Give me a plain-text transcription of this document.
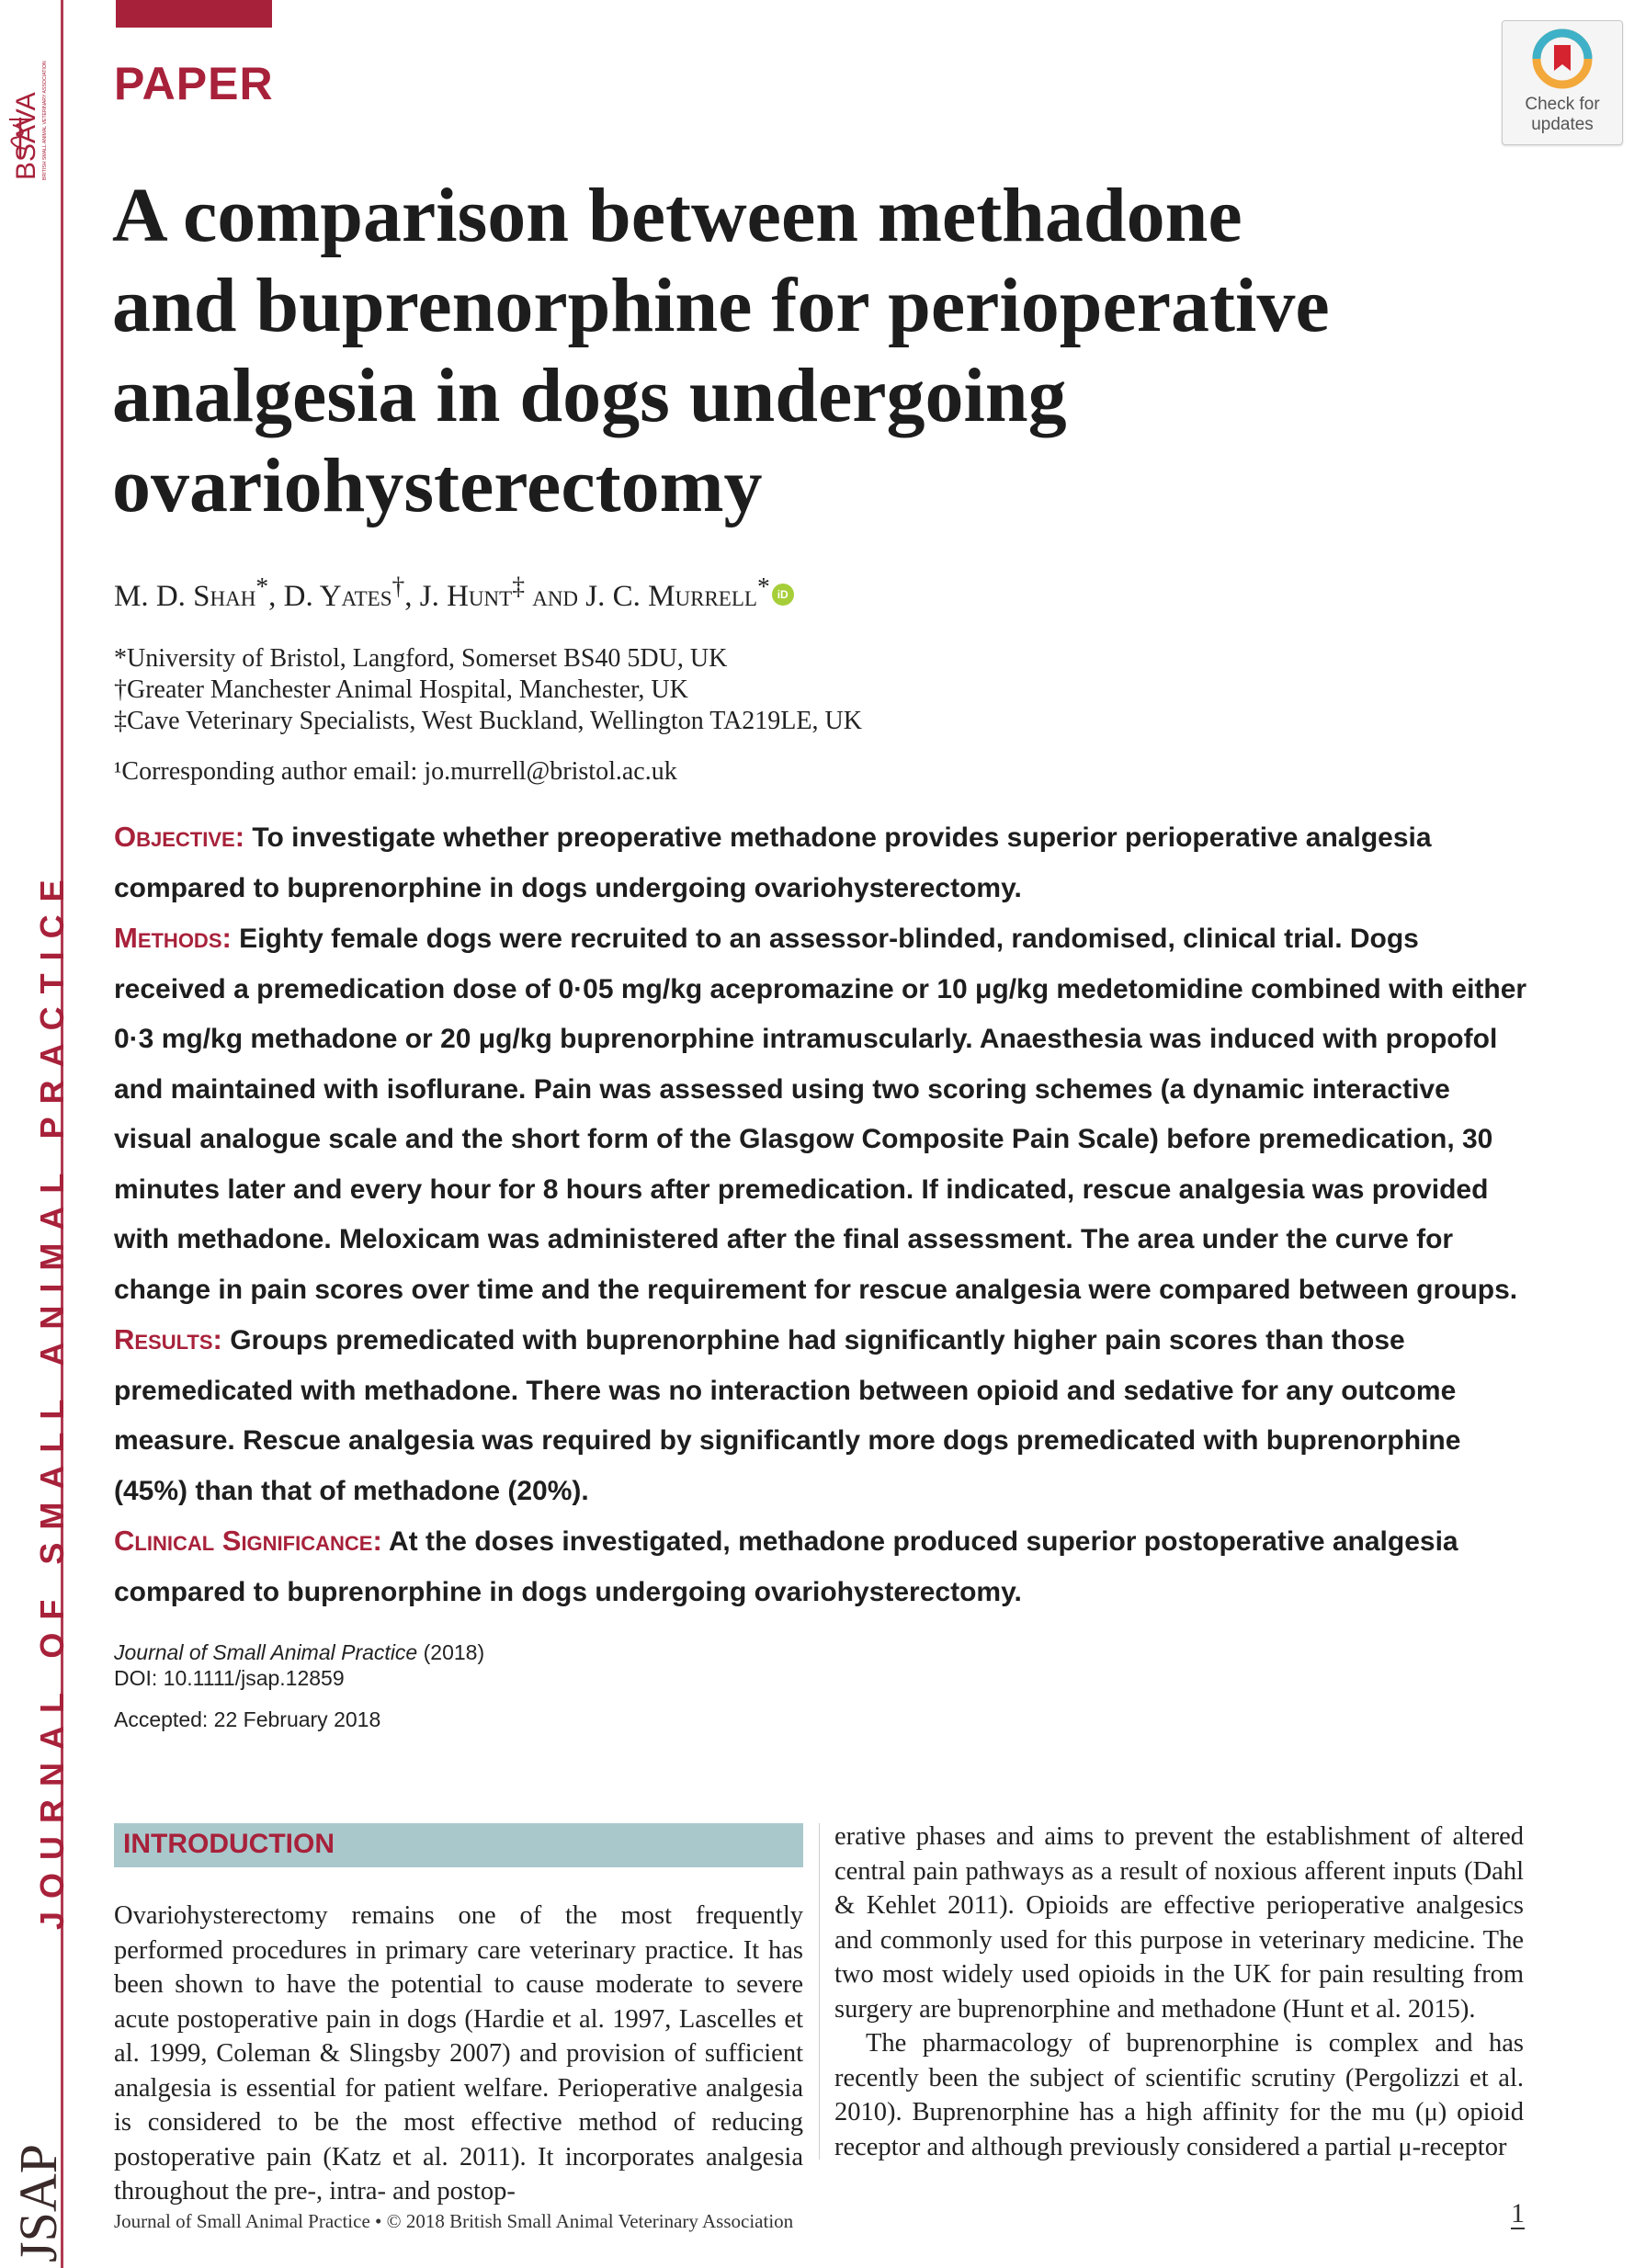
BSAVA BRITISH SMALL ANIMAL VETERINARY ASSOCIATION
JOURNAL OF SMALL ANIMAL PRACTICE
JSAP
Check for
updates
PAPER
A comparison between methadone
and buprenorphine for perioperative
analgesia in dogs undergoing
ovariohysterectomy
M. D. Shah*, D. Yates†, J. Hunt‡ and J. C. Murrell* iD
*University of Bristol, Langford, Somerset BS40 5DU, UK
†Greater Manchester Animal Hospital, Manchester, UK
‡Cave Veterinary Specialists, West Buckland, Wellington TA219LE, UK
¹Corresponding author email: jo.murrell@bristol.ac.uk

Objective: To investigate whether preoperative methadone provides superior perioperative analgesia compared to buprenorphine in dogs undergoing ovariohysterectomy.

Methods: Eighty female dogs were recruited to an assessor-blinded, randomised, clinical trial. Dogs received a premedication dose of 0·05 mg/kg acepromazine or 10 μg/kg medetomidine combined with either 0·3 mg/kg methadone or 20 μg/kg buprenorphine intramuscularly. Anaesthesia was induced with propofol and maintained with isoflurane. Pain was assessed using two scoring schemes (a dynamic interactive visual analogue scale and the short form of the Glasgow Composite Pain Scale) before premedication, 30 minutes later and every hour for 8 hours after premedication. If indicated, rescue analgesia was provided with methadone. Meloxicam was administered after the final assessment. The area under the curve for change in pain scores over time and the requirement for rescue analgesia were compared between groups.

Results: Groups premedicated with buprenorphine had significantly higher pain scores than those premedicated with methadone. There was no interaction between opioid and sedative for any outcome measure. Rescue analgesia was required by significantly more dogs premedicated with buprenorphine (45%) than that of methadone (20%).

Clinical Significance: At the doses investigated, methadone produced superior postoperative analgesia compared to buprenorphine in dogs undergoing ovariohysterectomy.

Journal of Small Animal Practice (2018)
DOI: 10.1111/jsap.12859
Accepted: 22 February 2018
INTRODUCTION
Ovariohysterectomy remains one of the most frequently performed procedures in primary care veterinary practice. It has been shown to have the potential to cause moderate to severe acute postoperative pain in dogs (Hardie et al. 1997, Lascelles et al. 1999, Coleman & Slingsby 2007) and provision of sufficient analgesia is essential for patient welfare. Perioperative analgesia is considered to be the most effective method of reducing postoperative pain (Katz et al. 2011). It incorporates analgesia throughout the pre-, intra- and postop-

erative phases and aims to prevent the establishment of altered central pain pathways as a result of noxious afferent inputs (Dahl & Kehlet 2011). Opioids are effective perioperative analgesics and commonly used for this purpose in veterinary medicine. The two most widely used opioids in the UK for pain resulting from surgery are buprenorphine and methadone (Hunt et al. 2015).

The pharmacology of buprenorphine is complex and has recently been the subject of scientific scrutiny (Pergolizzi et al. 2010). Buprenorphine has a high affinity for the mu (μ) opioid receptor and although previously considered a partial μ-receptor

Journal of Small Animal Practice • © 2018 British Small Animal Veterinary Association	1
